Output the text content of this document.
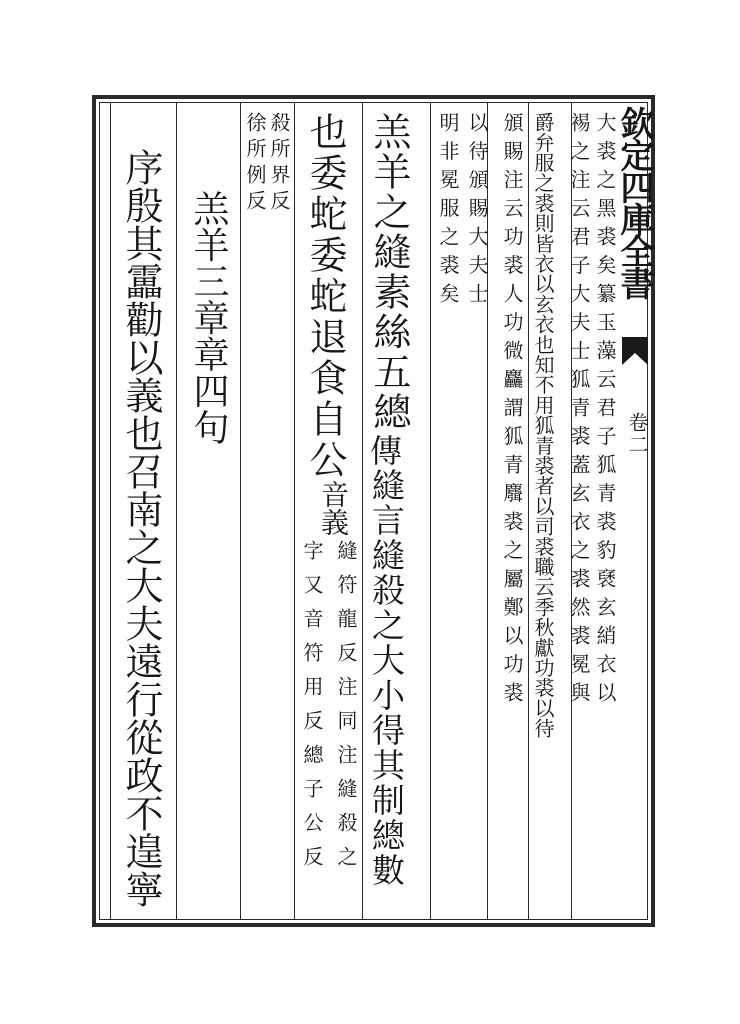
欽定四庫全書
卷二
大裘之黑裘矣纂玉藻云君子狐青裘豹褎玄綃衣以
裼之注云君子大夫士狐青裘蓋玄衣之裘然裘冕與
爵弁服之裘則皆衣以玄衣也知不用狐青裘者以司裘職云季秋獻功裘以待
頒賜注云功裘人功微麤謂狐青麛裘之屬鄭以功裘
以待頒賜大夫士
明非冕服之裘矣
羔羊之縫素絲五總
傳
縫言縫殺之大小得其制總數
也委蛇委蛇退食自公
音義
縫符龍反注同注縫殺之
字又音符用反總子公反
殺所界反
徐所例反
羔羊三章章四句
序殷其靁勸以義也召南之大夫遠行從政不遑寧
